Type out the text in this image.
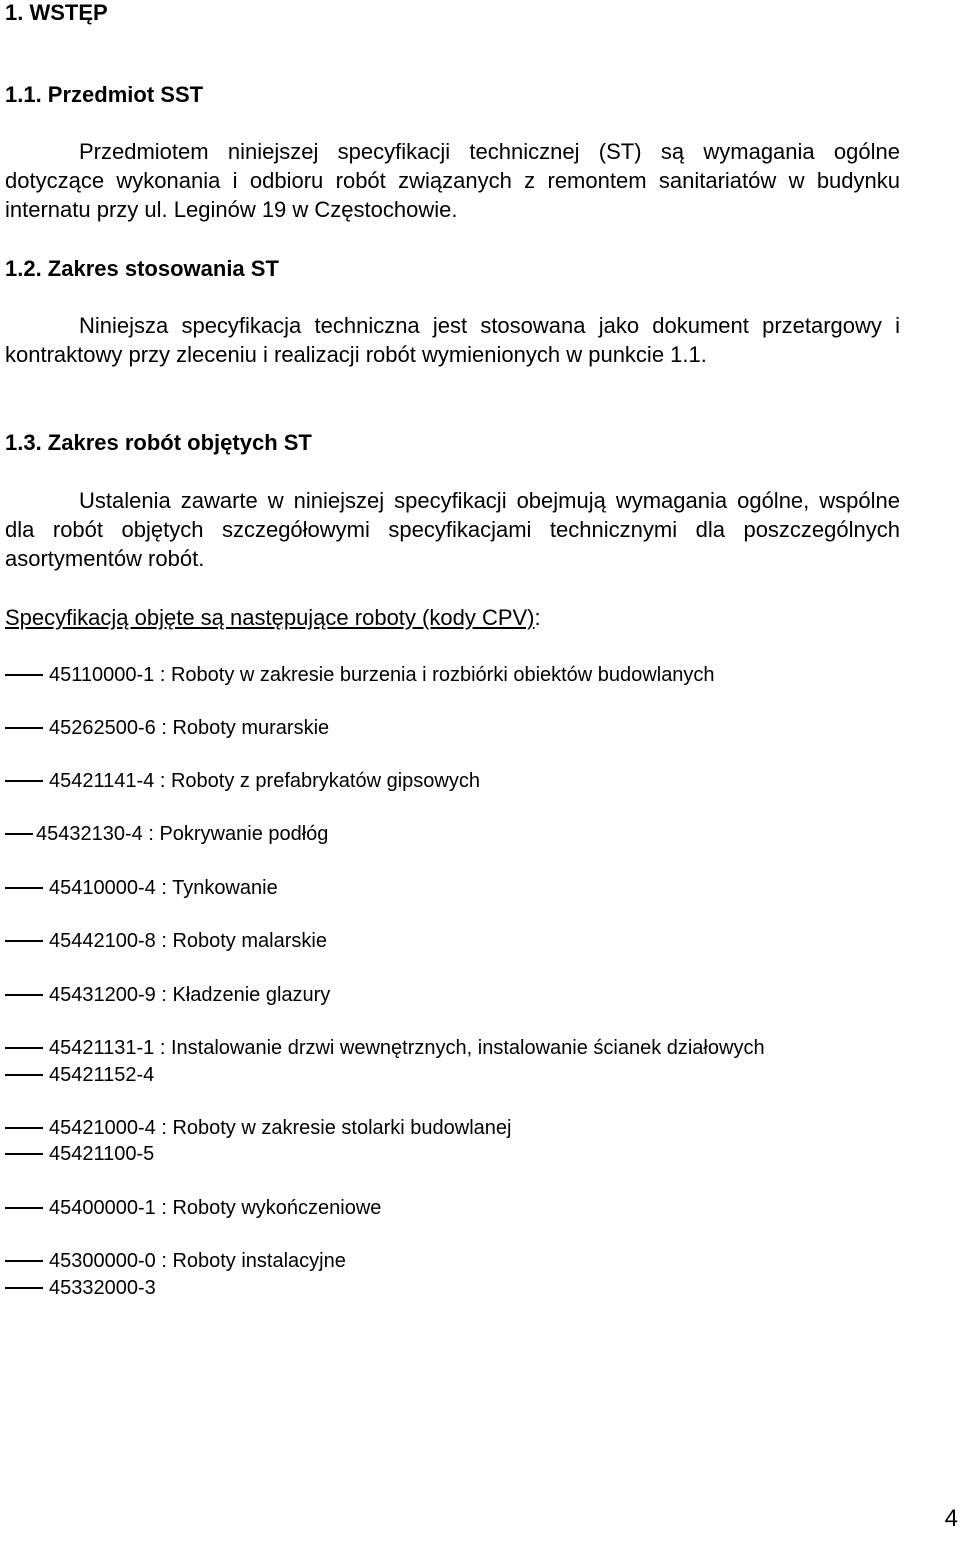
1. WSTĘP
1.1. Przedmiot SST
Przedmiotem niniejszej specyfikacji technicznej (ST) są wymagania ogólne dotyczące wykonania i odbioru robót związanych z remontem sanitariatów w budynku internatu przy ul. Leginów 19 w Częstochowie.
1.2. Zakres stosowania ST
Niniejsza specyfikacja techniczna jest stosowana jako dokument przetargowy i kontraktowy przy zleceniu i realizacji robót wymienionych w punkcie 1.1.
1.3. Zakres robót objętych ST
Ustalenia zawarte w niniejszej specyfikacji obejmują wymagania ogólne, wspólne dla robót objętych szczegółowymi specyfikacjami technicznymi dla poszczególnych asortymentów robót.
Specyfikacją objęte są następujące roboty (kody CPV):
45110000-1 : Roboty w zakresie burzenia i rozbiórki obiektów budowlanych
45262500-6 : Roboty murarskie
45421141-4 : Roboty z prefabrykatów gipsowych
45432130-4 : Pokrywanie podłóg
45410000-4 : Tynkowanie
45442100-8 : Roboty malarskie
45431200-9 : Kładzenie glazury
45421131-1 : Instalowanie drzwi wewnętrznych, instalowanie ścianek działowych
45421152-4
45421000-4 : Roboty w zakresie stolarki budowlanej
45421100-5
45400000-1 : Roboty wykończeniowe
45300000-0 : Roboty instalacyjne
45332000-3
4
